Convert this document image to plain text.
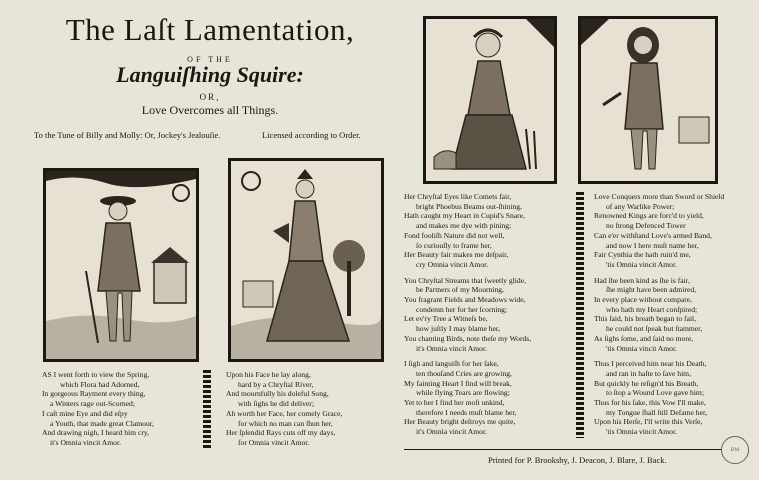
The Laſt Lamentation,
OF THE
Languiſhing Squire:
OR,
Love Overcomes all Things.
To the Tune of Billy and Molly: Or, Jockey's Jealouſie.	Licensed according to Order.
AS I went forth to view the Spring,
which Flora had Adorned,
In gorgeous Rayment every thing,
a Winters rage out-Scorned;
I caſt mine Eye and did eſpy
a Youth, that made great Clamour,
And drawing nigh, I heard him cry,
it's Omnia vincit Amor.
Upon his Face he lay along,
hard by a Chryſtal River,
And mournfully his doleful Song,
with ſighs he did deliver;
Ah worth her Face, her comely Grace,
for which no man can ſhun her,
Her ſplendid Rays cuts off my days,
for Omnia vincit Amor.
Her Chryſtal Eyes like Comets fair,
bright Phoebus Beams out-ſhining,
Hath caught my Heart in Cupid's Snare,
and makes me dye with pining;
Fond fooliſh Nature did not well,
ſo curiouſly to frame her,
Her Beauty fair makes me deſpair,
cry Omnia vincit Amor.
You Chryſtal Streams that ſweetly glide,
be Partners of my Mourning,
You fragrant Fields and Meadows wide,
condemn her for her ſcorning;
Let ev'ry Tree a Witneſs be,
how juſtly I may blame her,
You chanting Birds, note theſe my Words,
it's Omnia vincit Amor.
I ſigh and languiſh for her ſake,
ten thouſand Cries are growing,
My fainting Heart I find will break,
while flying Tears are flowing;
Yet to her I find her moſt unkind,
therefore I needs muſt blame her,
Her Beauty bright deſtroys me quite,
it's Omnia vincit Amor.
Love Conquers more than Sword or Shield
of any Warlike Power;
Renowned Kings are forc'd to yield,
no ſtrong Defenced Tower
Can e'er withſtand Love's armed Band,
and now I here muſt name her,
Fair Cynthia the hath ruin'd me,
'tis Omnia vincit Amor.
Had ſhe been kind as ſhe is fair,
ſhe might have been admired,
In every place without compare,
who hath my Heart conſpired;
This ſaid, his breath began to fail,
he could not ſpeak but ſtammer,
As ſighs ſome, and ſaid no more,
'tis Omnia vincit Amor.
Thus I perceived him near his Death,
and ran in haſte to ſave him,
But quickly he reſign'd his Breath,
to ſtop a Wound Love gave him;
Thus for his ſake, this Vow I'll make,
my Tongue ſhall ſtill Defame her,
Upon his Herſe, I'll write this Verſe,
'tis Omnia vincit Amor.
Printed for P. Brooksby, J. Deacon, J. Blare, J. Back.
BM
